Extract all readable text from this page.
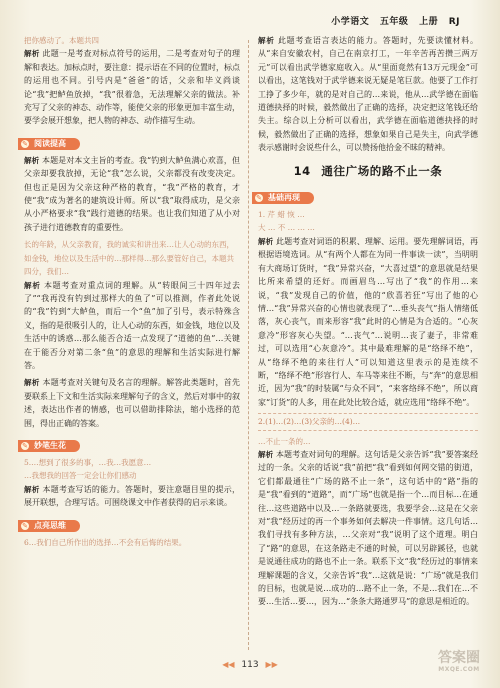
小学语文 五年级 上册 RJ
把你感动了。本题共四

解析 此题一是考查对标点符号的运用，二是考查对句子的理解和表达。加标点时，要注意：提示语在不同的位置时，标点的运用也不同。引号内是“爸爸”的话，父亲和毕义尚谈论“我”把鲈鱼放掉，“我”很着急，无法理解父亲的做法。补充写了父亲的神态、动作等，能使父亲的形象更加丰富生动，要学会展开想象，把人物的神态、动作描写生动。

✎ 阅读提高

解析 本题是对本文主旨的考查。我“钓到大鲈鱼满心欢喜，但父亲却要我放掉，无论“我”怎么说，父亲都没有改变决定。但也正是因为父亲这种严格的教育，“我”严格的教育，才使“我”成为著名的建筑设计师。所以“我”取得成功，是父亲从小严格要求“我”践行道德的结果。也让我们知道了从小对孩子进行道德教育的重要性。

长的年龄，从父亲教育，我的诚实和讲出来…让人心动的东西，如金钱，地位以及生活中的…那样得…那么要管好自己，本题共四分，我们…

解析 本题考查对重点词的理解。从“转眼间三十四年过去了”“我再没有钓到过那样大的鱼了”可以推测，作者此处说的“我”钓到“大鲈鱼，而后一个“鱼”加了引号，表示特殊含义，指的是很吸引人的，让人心动的东西，如金钱，地位以及生活中的诱惑…那么能否合适一点发现了“道德的鱼”…关键在于能否分对第二条“鱼”的意思的理解和生活实际进行解答。

解析 本题考查对关键句及名言的理解。解答此类题时，首先要联系上下文和生活实际来理解句子的含义，然后对事中的叙述，表达出作者的情感，也可以借助排除法，缩小选择的范围，得出正确的答案。

✎ 妙笔生花
5.…想到了很多的事，…我…我愿意…
…我想我的回答一定会让你们感动

解析 本题考查写话的能力。答题时，要注意题目里的提示，展开联想，合理写话。可围绕课文中作者获得的启示来谈。

✎ 点亮思维
6…我们自己所作出的选择…不会有后悔的结果。

解析 此题考查语言表达的能力。答题时，先要读懂材料。从“来自安徽农村，自己在南京打工，一年辛苦再苦攒三两万元”可以看出武学德家庭收入。从“里面竟然有13万元现金”可以看出，这笔钱对于武学德来说无疑是笔巨款。他要了工作打工挣了多少年，就的是对自己的…来说，他从…武学德在面临道德抉择的时候，毅然做出了正确的选择，决定把这笔钱还给失主。综合以上分析可以看出，武学德在面临道德抉择的时候，毅然做出了正确的选择，想象如果自己是失主，向武学德表示感谢时会说些什么，可以赞扬他拾金不昧的精神。

14 通往广场的路不止一条
✎ 基础再现
1. 芹 蜡 恢 …
大 … 不 … … …

解析 此题考查对词语的积累、理解、运用。要先理解词语，再根据语境选词。从“有两个人都在为同一件事读一读”，当明明有大商场订货时，“我”异常兴奋，“大喜过望”的意思就是结果比所来希望的还好。而画眉鸟…写出了“我”的作用…来说，“我”发现自己的价值，他的“欣喜若狂”写出了他的心情…“我”异常兴奋的心情也就表现了“…垂头丧气”指人情绪低落，灰心丧气，而来形容“我”此时的心情是为合适的。“心灰意冷”形容灰心失望。“…丧气”…说明…丧了妻子，非常难过，可以选用“心灰意冷”。其中最难理解的是“络绎不绝”，从“络绎不绝的来往行人”可以知道这里表示的是连续不断，“络绎不绝”形容行人、车马等来往不断，与“奔”的意思相近，因为“我”的时装属“与众不同”，“来客络绎不绝”，所以商家“订货”的人多，用在此处比较合适，就应选用“络绎不绝”。

2.(1)…(2)…(3)父亲的…(4)…
…不止一条的…

解析 本题考查对词句的理解。这句话是父亲告诉“我”要答案经过的一条。父亲的话说“我”前把“我”看到如何网交错的街道，它们都最通往“广场的路不止一条”，这句话中的“路”指的是“我”看到的“道路”，而“广场”也就是指一个…而目标…在通往…这些道路中以及…一条路就要选，我要学会…这是在父亲对“我”经历过的再一个事务如何去解决一件事情。这几句话…我们寻找有多种方法，…父亲对“我”说明了这个道理。明白了“路”的意思，在这条路走不通的时候，可以另辟蹊径，也就是说通往成功的路也不止一条。联系下文“我”经历过的事情来理解课题的含义，父亲告诉“我”…这就是说：“广场”就是我们的目标，也就是说…成功的…路不止一条，不是…我们在…不要…生活…要…，因为…“条条大路通罗马”的意思是相近的。

◀◀ 113 ▶▶	答案圈
MXQE.COM
